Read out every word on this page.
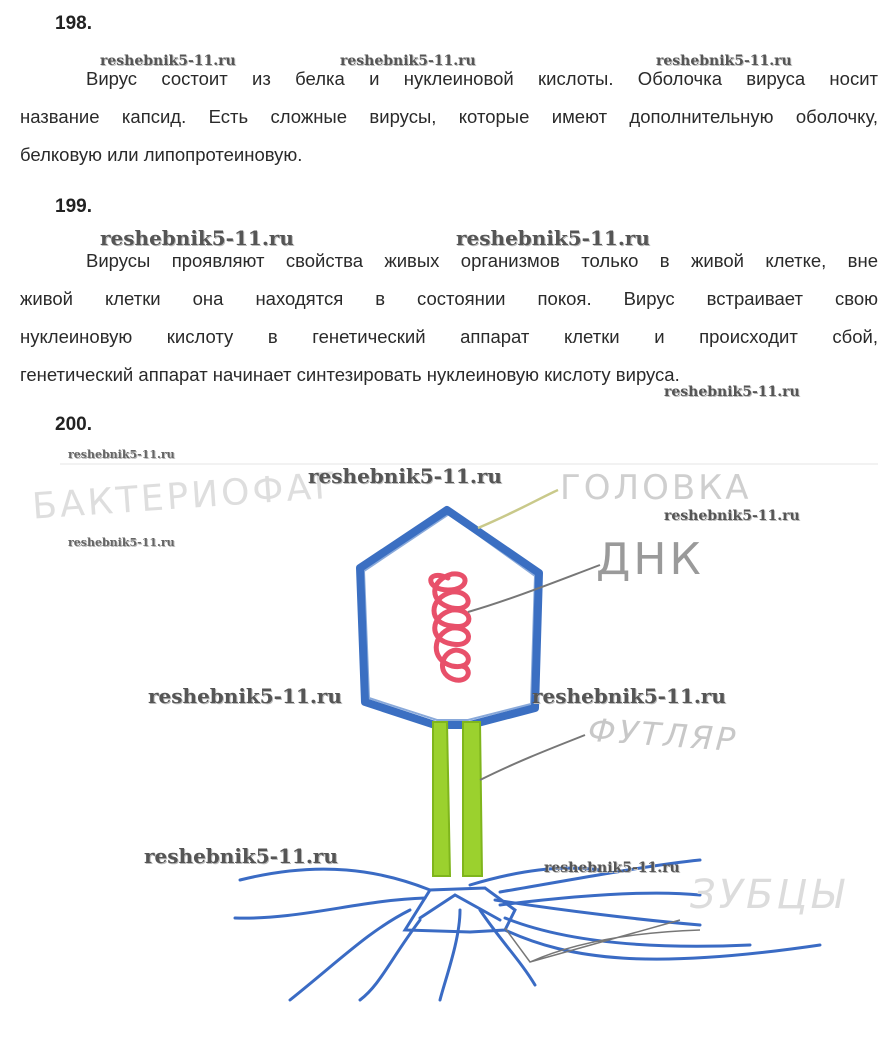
198.
reshebnik5-11.ru	reshebnik5-11.ru	reshebnik5-11.ru
Вирус состоит из белка и нуклеиновой кислоты. Оболочка вируса носит
название капсид. Есть сложные вирусы, которые имеют дополнительную оболочку,
белковую или липопротеиновую.
199.
reshebnik5-11.ru	reshebnik5-11.ru
Вирусы проявляют свойства живых организмов только в живой клетке, вне
живой клетки она находятся в состоянии покоя. Вирус встраивает свою
нуклеиновую кислоту в генетический аппарат клетки и происходит сбой,
генетический аппарат начинает синтезировать нуклеиновую кислоту вируса.
reshebnik5-11.ru
200.
БАКТЕРИОФАГ	ГОЛОВКА
ДНК
ФУТЛЯР
ЗУБЦЫ
reshebnik5-11.ru
reshebnik5-11.ru
reshebnik5-11.ru
reshebnik5-11.ru
reshebnik5-11.ru	reshebnik5-11.ru
reshebnik5-11.ru	reshebnik5-11.ru
